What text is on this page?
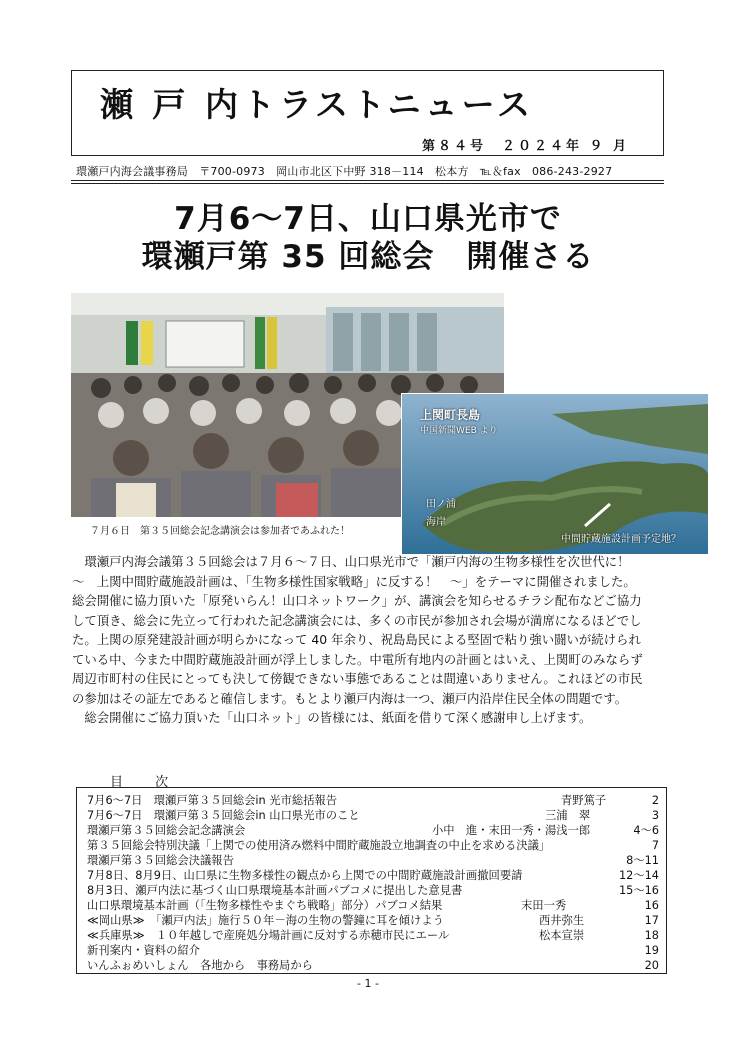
瀬 戸 内トラストニュース
第８４号　２０２４年 ９ 月
環瀬戸内海会議事務局　〒700-0973　岡山市北区下中野 318－114　松本方　℡＆fax　086-243-2927
7月6～7日、山口県光市で
環瀬戸第 35 回総会　開催さる
７月６日　第３５回総会記念講演会は参加者であふれた！
上関町長島
中国新聞WEB より
田ノ浦
海岸
中間貯蔵施設計画予定地？

　環瀬戸内海会議第３５回総会は７月６～７日、山口県光市で「瀬戸内海の生物多様性を次世代に！

～　上関中間貯蔵施設計画は、「生物多様性国家戦略」に反する！　～」をテーマに開催されました。

総会開催に協力頂いた「原発いらん！山口ネットワーク」が、講演会を知らせるチラシ配布などご協力

して頂き、総会に先立って行われた記念講演会には、多くの市民が参加され会場が満席になるほどでし

た。上関の原発建設計画が明らかになって 40 年余り、祝島島民による堅固で粘り強い闘いが続けられ

ている中、今また中間貯蔵施設計画が浮上しました。中電所有地内の計画とはいえ、上関町のみならず

周辺市町村の住民にとっても決して傍観できない事態であることは間違いありません。これほどの市民

の参加はその証左であると確信します。もとより瀬戸内海は一つ、瀬戸内沿岸住民全体の問題です。

　総会開催にご協力頂いた「山口ネット」の皆様には、紙面を借りて深く感謝申し上げます。

目 次
7月6～7日　環瀬戸第３５回総会in 光市総括報告	青野篤子	2
7月6～7日　環瀬戸第３５回総会in 山口県光市のこと	三浦　翠	3
環瀬戸第３５回総会記念講演会	小中　進・末田一秀・湯浅一郎	4～6
第３５回総会特別決議「上関での使用済み燃料中間貯蔵施設立地調査の中止を求める決議」	7
環瀬戸第３５回総会決議報告	8～11
7月8日、8月9日、山口県に生物多様性の観点から上関での中間貯蔵施設計画撤回要請	12～14
8月3日、瀬戸内法に基づく山口県環境基本計画パブコメに提出した意見書	15～16
山口県環境基本計画（「生物多様性やまぐち戦略」部分）パブコメ結果	末田一秀	16
≪岡山県≫　「瀬戸内法」施行５０年－海の生物の警鐘に耳を傾けよう	西井弥生	17
≪兵庫県≫　１０年越しで産廃処分場計画に反対する赤穂市民にエール	松本宣崇	18
新刊案内・資料の紹介	19
いんふぉめいしょん　各地から　事務局から	20
- 1 -
